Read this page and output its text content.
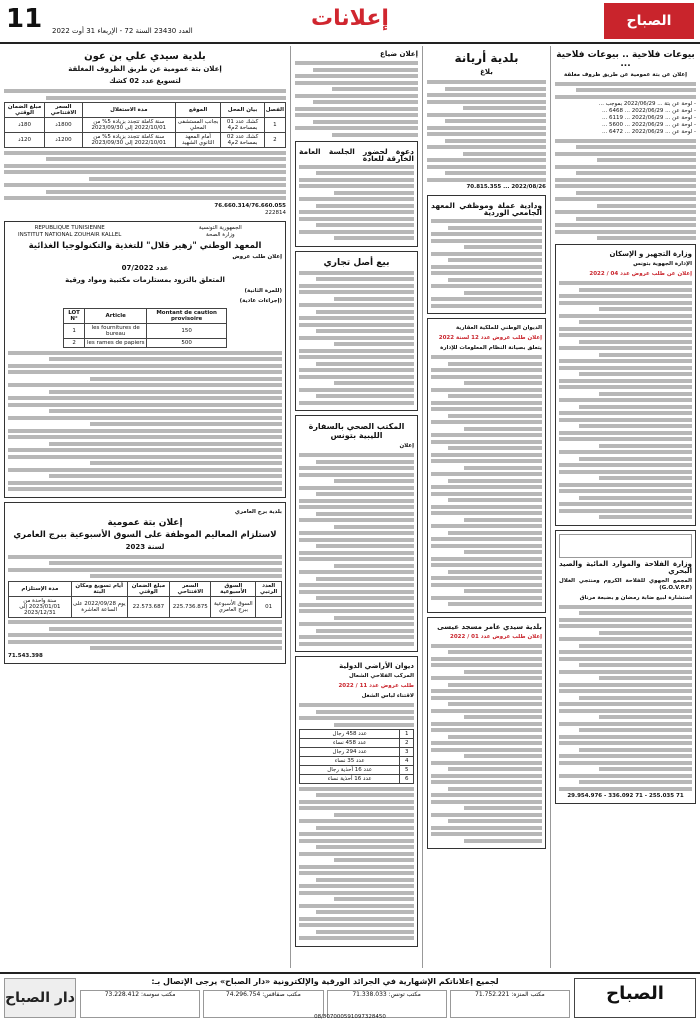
11 العدد 23430 السنة 72 - الإربعاء 31 أوت 2022	إعلانات	الصباح
بيوعات فلاحية .. بيوعات فلاحية ...
إعلان عن بتة عمومية عن طريق ظروف مغلقة
- لوحة عن بتة ... 2022/06/29 بموجب ...
- لوحة عن ... 2022/06/29 ... 6468 ...
- لوحة عن ... 2022/06/29 ... 6119 ...
- لوحة عن ... 2022/06/29 ... 5600 ...
- لوحة عن ... 2022/06/29 ... 6472 ...
وزارة التجهيز و الإسكان
الإدارة الجهوية بتونس
إعلان عن طلب عروض عدد 04 / 2022
وزارة الفلاحة والموارد المائية والصيد البحري
المجمع الجهوي للفلاحة الكروم ومنتجي الغلال (G.O.V.P.F)
استشارة لبيع ضابة رمضان و بضبعة مرناق
71 255.035 - 71 336.092 - 29.954.976
بلدية أريانة
بلاغ
2022/08/26 ... 70.815.355
ودادية عملة وموظفي المعهد الجامعي الوردية
الديوان الوطني للملكية العقارية
إعلان طلب عروض عدد 12 لسنة 2022
يتعلق بصيانة النظام المعلومات للإدارة
بلدية سيدي عامر مسجد عيسى
إعلان طلب عروض عدد 01 / 2022
إعلان ضياع
دعوة لحضور الجلسة العامة الخارقة للعادة
بيع أصل تجاري
المكتب الصحي بالسفارة الليبية بتونس
إعلان
ديوان الأراضي الدولية
المركب الفلاحي الشعال
طلب عروض عدد 11 / 2022
لاقتناء لباس الشغل
1	عدد 458 رجال
2	عدد 458 نساء
3	عدد 294 رجال
4	عدد 35 نساء
5	عدد 16 أحذية رجال
6	عدد 16 أحذية نساء
بلدية سيدي علي بن عون
إعلان بتة عمومية عن طريق الظروف المغلقة
لتسويغ عدد 02 كشك
الفصل	بيان المحل	الموقع	مدة الاستغلال	السعر الافتتاحي	مبلغ الضمان الوقتي
1	كشك عدد 01 بمساحة 2م4	بجانب المستشفى المحلي	سنة كاملة تتجدد بزيادة 5% من 2022/10/01 إلى 2023/09/30	1800د	180د
2	كشك عدد 02 بمساحة 2م4	أمام المعهد الثانوي الشهيد	سنة كاملة تتجدد بزيادة 5% من 2022/10/01 إلى 2023/09/30	1200د	120د
76.660.314/76.660.055
222814
الجمهورية التونسية
وزارة الصحة
REPUBLIQUE TUNISIENNE
INSTITUT NATIONAL ZOUHAIR KALLEL
المعهد الوطني "زهير قلال" للتغذية والتكنولوجيا الغذائية
إعلان طلب عروض
عدد 07/2022
المتعلق بالتزود بمستلزمات مكتبية ومواد ورقية
(للمرة الثانية)
(إجراءات عادية)
LOT N°	Article	Montant de caution provisoire
1	les fournitures de bureau	150
2	les rames de papiers	500
بلدية برج العامري
إعلان بتة عمومية
لاستلزام المعاليم الموظفة على السوق الأسبوعية ببرج العامري
لسنة 2023
العدد الرتبي	السوق الأسبوعية	السعر الافتتاحي	مبلغ الضمان الوقتي	أيام تسويغ ومكان البتة	مدة الإستلزام
01	السوق الأسبوعية ببرج العامري	225.736.875	22.573.687	يوم 2022/09/28 على الساعة العاشرة	سنة واحدة من 2023/01/01 إلى 2023/12/31
71.543.398
دار الصباح
لجميع إعلاناتكم الإشهارية في الجرائد الورقية والإلكترونية «دار الصباح» يرجى الإتصال بـ:
مكتب المنزه: 71.752.221
مكتب تونس: 71.338.033
مكتب صفاقس: 74.296.754
مكتب سوسة: 73.228.412	الصباح
08/307000591097328450
